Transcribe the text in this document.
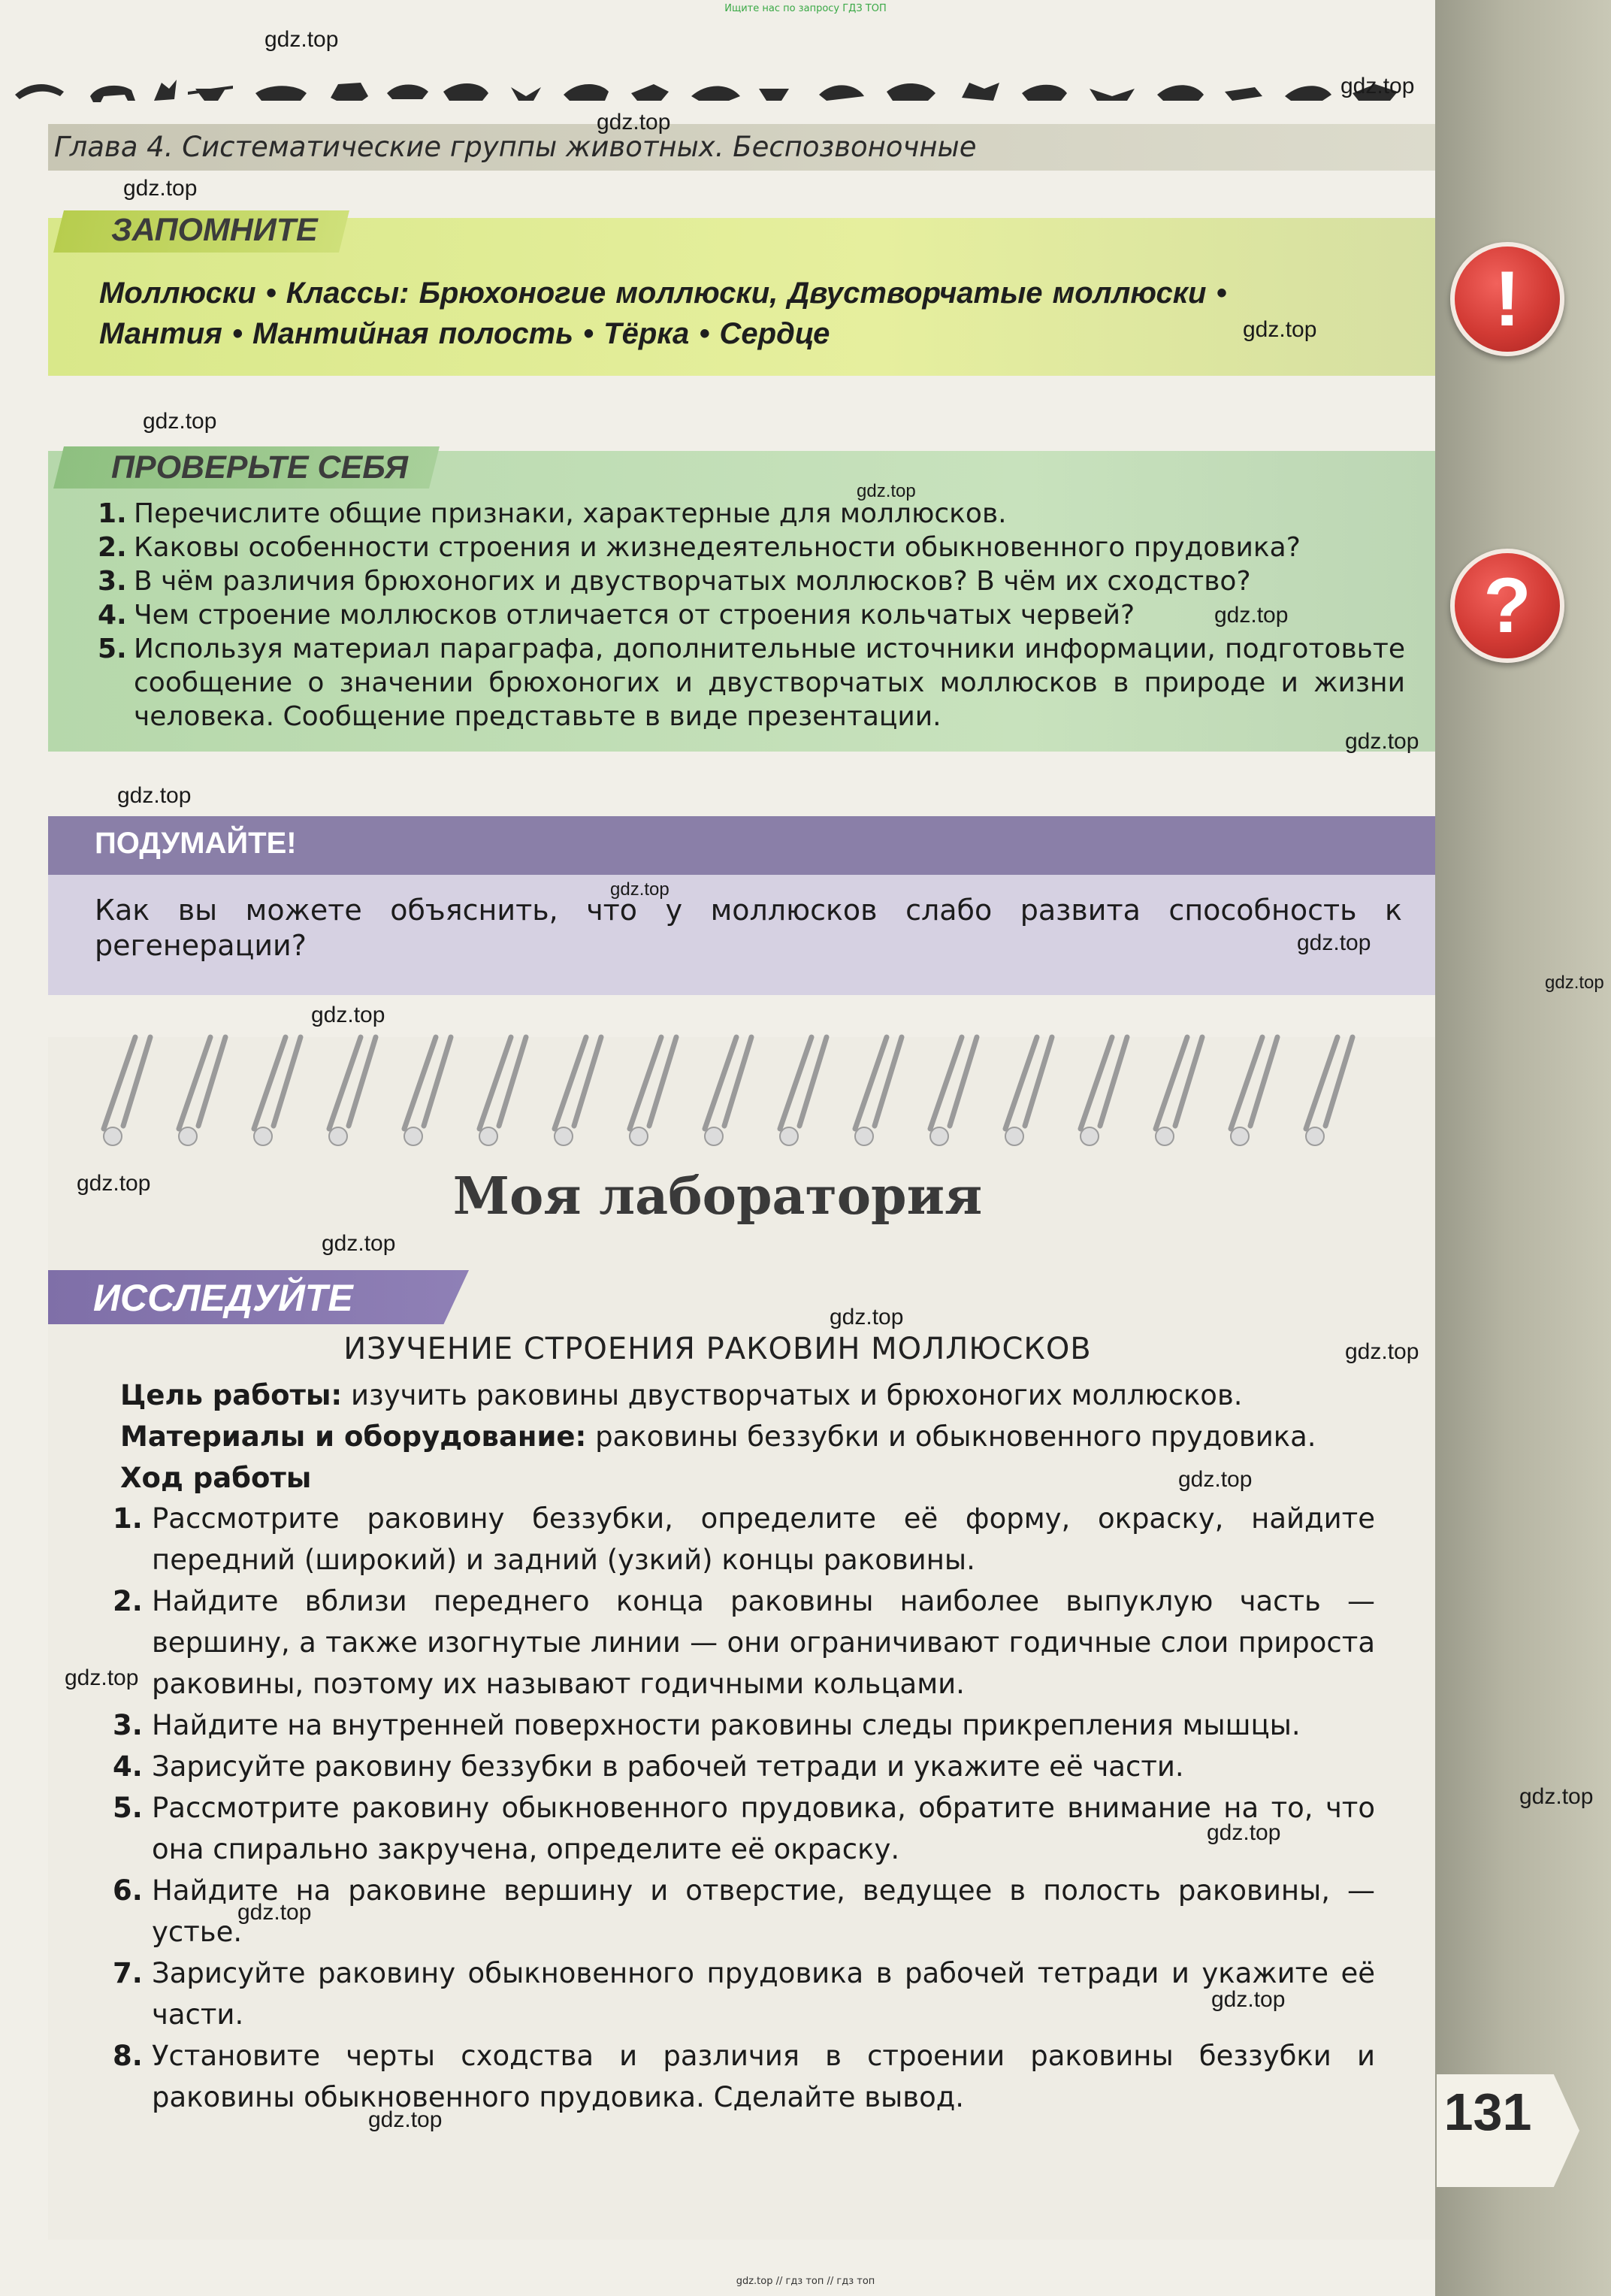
Ищите нас по запросу ГДЗ ТОП
Глава 4. Систематические группы животных. Беспозвоночные
ЗАПОМНИТЕ
Моллюски • Классы: Брюхоногие моллюски, Двустворчатые моллюски •
Мантия • Мантийная полость • Тёрка • Сердце	!
ПРОВЕРЬТЕ СЕБЯ
1. Перечислите общие признаки, характерные для моллюсков.
2. Каковы особенности строения и жизнедеятельности обыкновенного прудовика?
3. В чём различия брюхоногих и двустворчатых моллюсков? В чём их сходство?
4. Чем строение моллюсков отличается от строения кольчатых червей?
5. Используя материал параграфа, дополнительные источники информации, подготовьте сообщение о значении брюхоногих и двустворчатых моллюсков в природе и жизни человека. Сообщение представьте в виде презентации.
?
ПОДУМАЙТЕ!
Как вы можете объяснить, что у моллюсков слабо развита способность к регенерации?
Моя лаборатория
ИССЛЕДУЙТЕ
ИЗУЧЕНИЕ СТРОЕНИЯ РАКОВИН МОЛЛЮСКОВ
Цель работы: изучить раковины двустворчатых и брюхоногих моллюсков.
Материалы и оборудование: раковины беззубки и обыкновенного прудовика.
Ход работы
1. Рассмотрите раковину беззубки, определите её форму, окраску, найдите передний (широкий) и задний (узкий) концы раковины.
2. Найдите вблизи переднего конца раковины наиболее выпуклую часть — вершину, а также изогнутые линии — они ограничивают годичные слои прироста раковины, поэтому их называют годичными кольцами.
3. Найдите на внутренней поверхности раковины следы прикрепления мышцы.
4. Зарисуйте раковину беззубки в рабочей тетради и укажите её части.
5. Рассмотрите раковину обыкновенного прудовика, обратите внимание на то, что она спирально закручена, определите её окраску.
6. Найдите на раковине вершину и отверстие, ведущее в полость раковины, — устье.
7. Зарисуйте раковину обыкновенного прудовика в рабочей тетради и укажите её части.
8. Установите черты сходства и различия в строении раковины беззубки и раковины обыкновенного прудовика. Сделайте вывод.	131
gdz.top // гдз топ // гдз топ
gdz.top
gdz.top
gdz.top
gdz.top
gdz.top
gdz.top
gdz.top
gdz.top
gdz.top
gdz.top
gdz.top
gdz.top
gdz.top
gdz.top
gdz.top
gdz.top
gdz.top
gdz.top
gdz.top
gdz.top
gdz.top
gdz.top
gdz.top
gdz.top
gdz.top
